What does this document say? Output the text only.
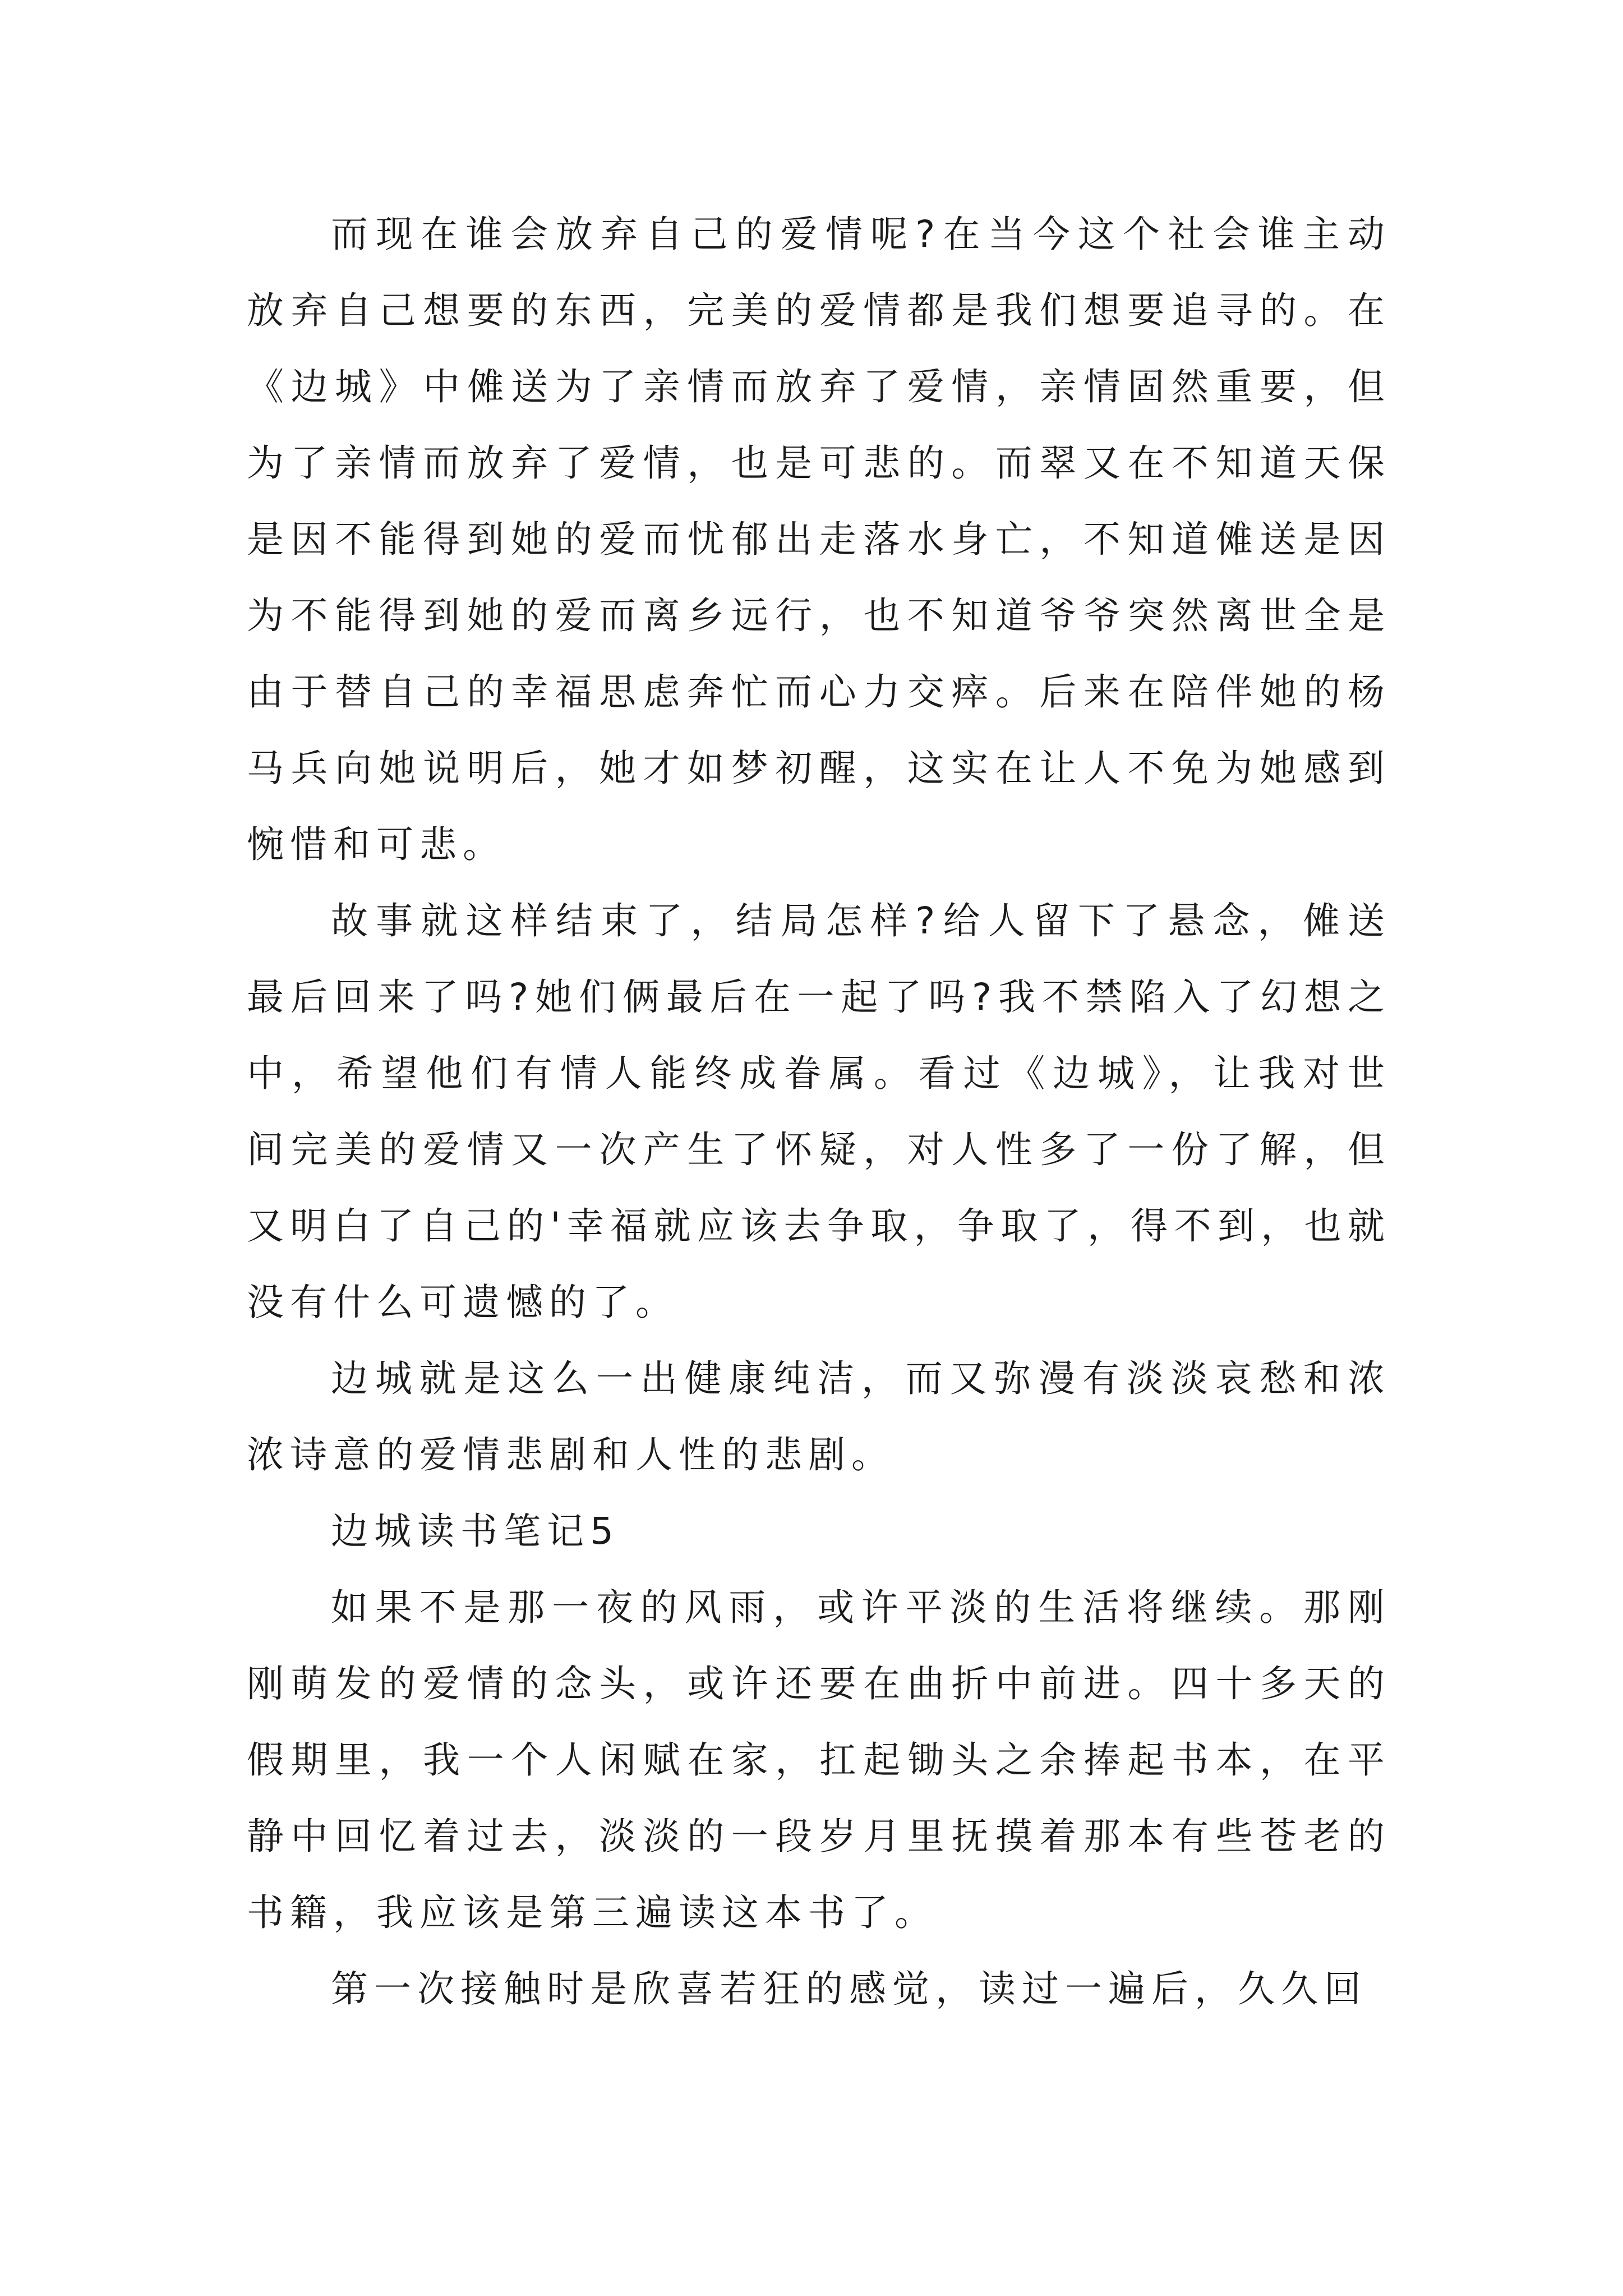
而现在谁会放弃自己的爱情呢?在当今这个社会谁主动放弃自己想要的东西，完美的爱情都是我们想要追寻的。在《边城》中傩送为了亲情而放弃了爱情，亲情固然重要，但为了亲情而放弃了爱情，也是可悲的。而翠又在不知道天保是因不能得到她的爱而忧郁出走落水身亡，不知道傩送是因为不能得到她的爱而离乡远行，也不知道爷爷突然离世全是由于替自己的幸福思虑奔忙而心力交瘁。后来在陪伴她的杨马兵向她说明后，她才如梦初醒，这实在让人不免为她感到惋惜和可悲。

故事就这样结束了，结局怎样?给人留下了悬念，傩送最后回来了吗?她们俩最后在一起了吗?我不禁陷入了幻想之中，希望他们有情人能终成眷属。看过《边城》，让我对世间完美的爱情又一次产生了怀疑，对人性多了一份了解，但又明白了自己的'幸福就应该去争取，争取了，得不到，也就没有什么可遗憾的了。

边城就是这么一出健康纯洁，而又弥漫有淡淡哀愁和浓浓诗意的爱情悲剧和人性的悲剧。

边城读书笔记5

如果不是那一夜的风雨，或许平淡的生活将继续。那刚刚萌发的爱情的念头，或许还要在曲折中前进。四十多天的假期里，我一个人闲赋在家，扛起锄头之余捧起书本，在平静中回忆着过去，淡淡的一段岁月里抚摸着那本有些苍老的书籍，我应该是第三遍读这本书了。

第一次接触时是欣喜若狂的感觉，读过一遍后，久久回
